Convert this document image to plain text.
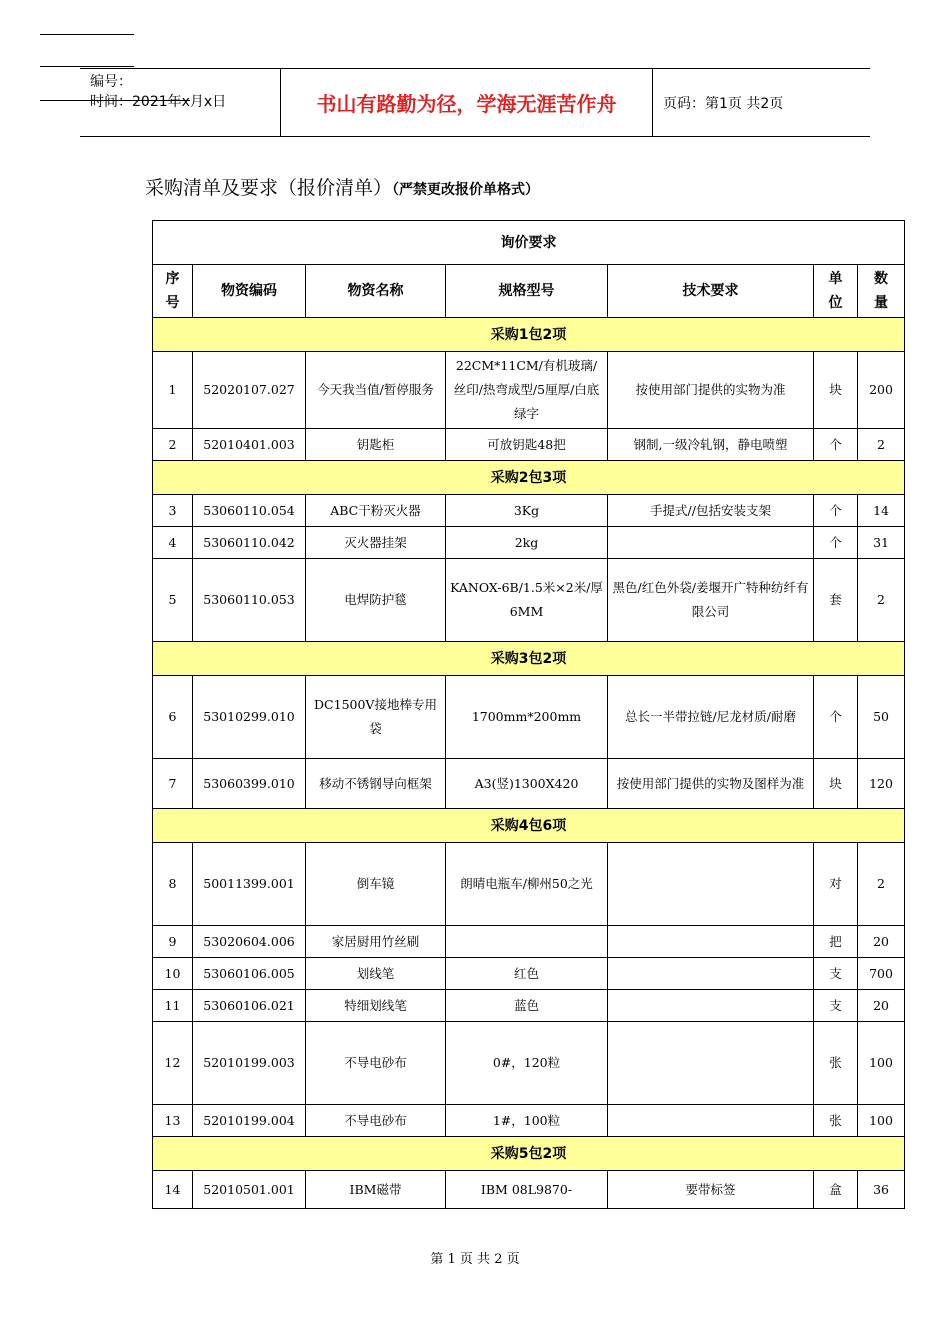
编号：
时间：2021年x月x日	书山有路勤为径，学海无涯苦作舟	页码：第1页 共2页
采购清单及要求（报价清单）（严禁更改报价单格式）
询价要求						
序号	物资编码	物资名称	规格型号	技术要求	单位	数量
采购1包2项						
1	52020107.027	今天我当值/暂停服务	22CM*11CM/有机玻璃/丝印/热弯成型/5厘厚/白底绿字	按使用部门提供的实物为准	块	200
2	52010401.003	钥匙柜	可放钥匙48把	钢制,一级冷轧钢，静电喷塑	个	2
采购2包3项						
3	53060110.054	ABC干粉灭火器	3Kg	手提式//包括安装支架	个	14
4	53060110.042	灭火器挂架	2kg		个	31
5	53060110.053	电焊防护毯	KANOX-6B/1.5米×2米/厚6MM	黑色/红色外袋/姜堰开广特种纺纤有限公司	套	2
采购3包2项						
6	53010299.010	DC1500V接地棒专用袋	1700mm*200mm	总长一半带拉链/尼龙材质/耐磨	个	50
7	53060399.010	移动不锈钢导向框架	A3(竖)1300X420	按使用部门提供的实物及图样为准	块	120
采购4包6项						
8	50011399.001	倒车镜	朗晴电瓶车/柳州50之光		对	2
9	53020604.006	家居厨用竹丝刷			把	20
10	53060106.005	划线笔	红色		支	700
11	53060106.021	特细划线笔	蓝色		支	20
12	52010199.003	不导电砂布	0#，120粒		张	100
13	52010199.004	不导电砂布	1#，100粒		张	100
采购5包2项						
14	52010501.001	IBM磁带	IBM 08L9870-	要带标签	盒	36
第 1 页 共 2 页
